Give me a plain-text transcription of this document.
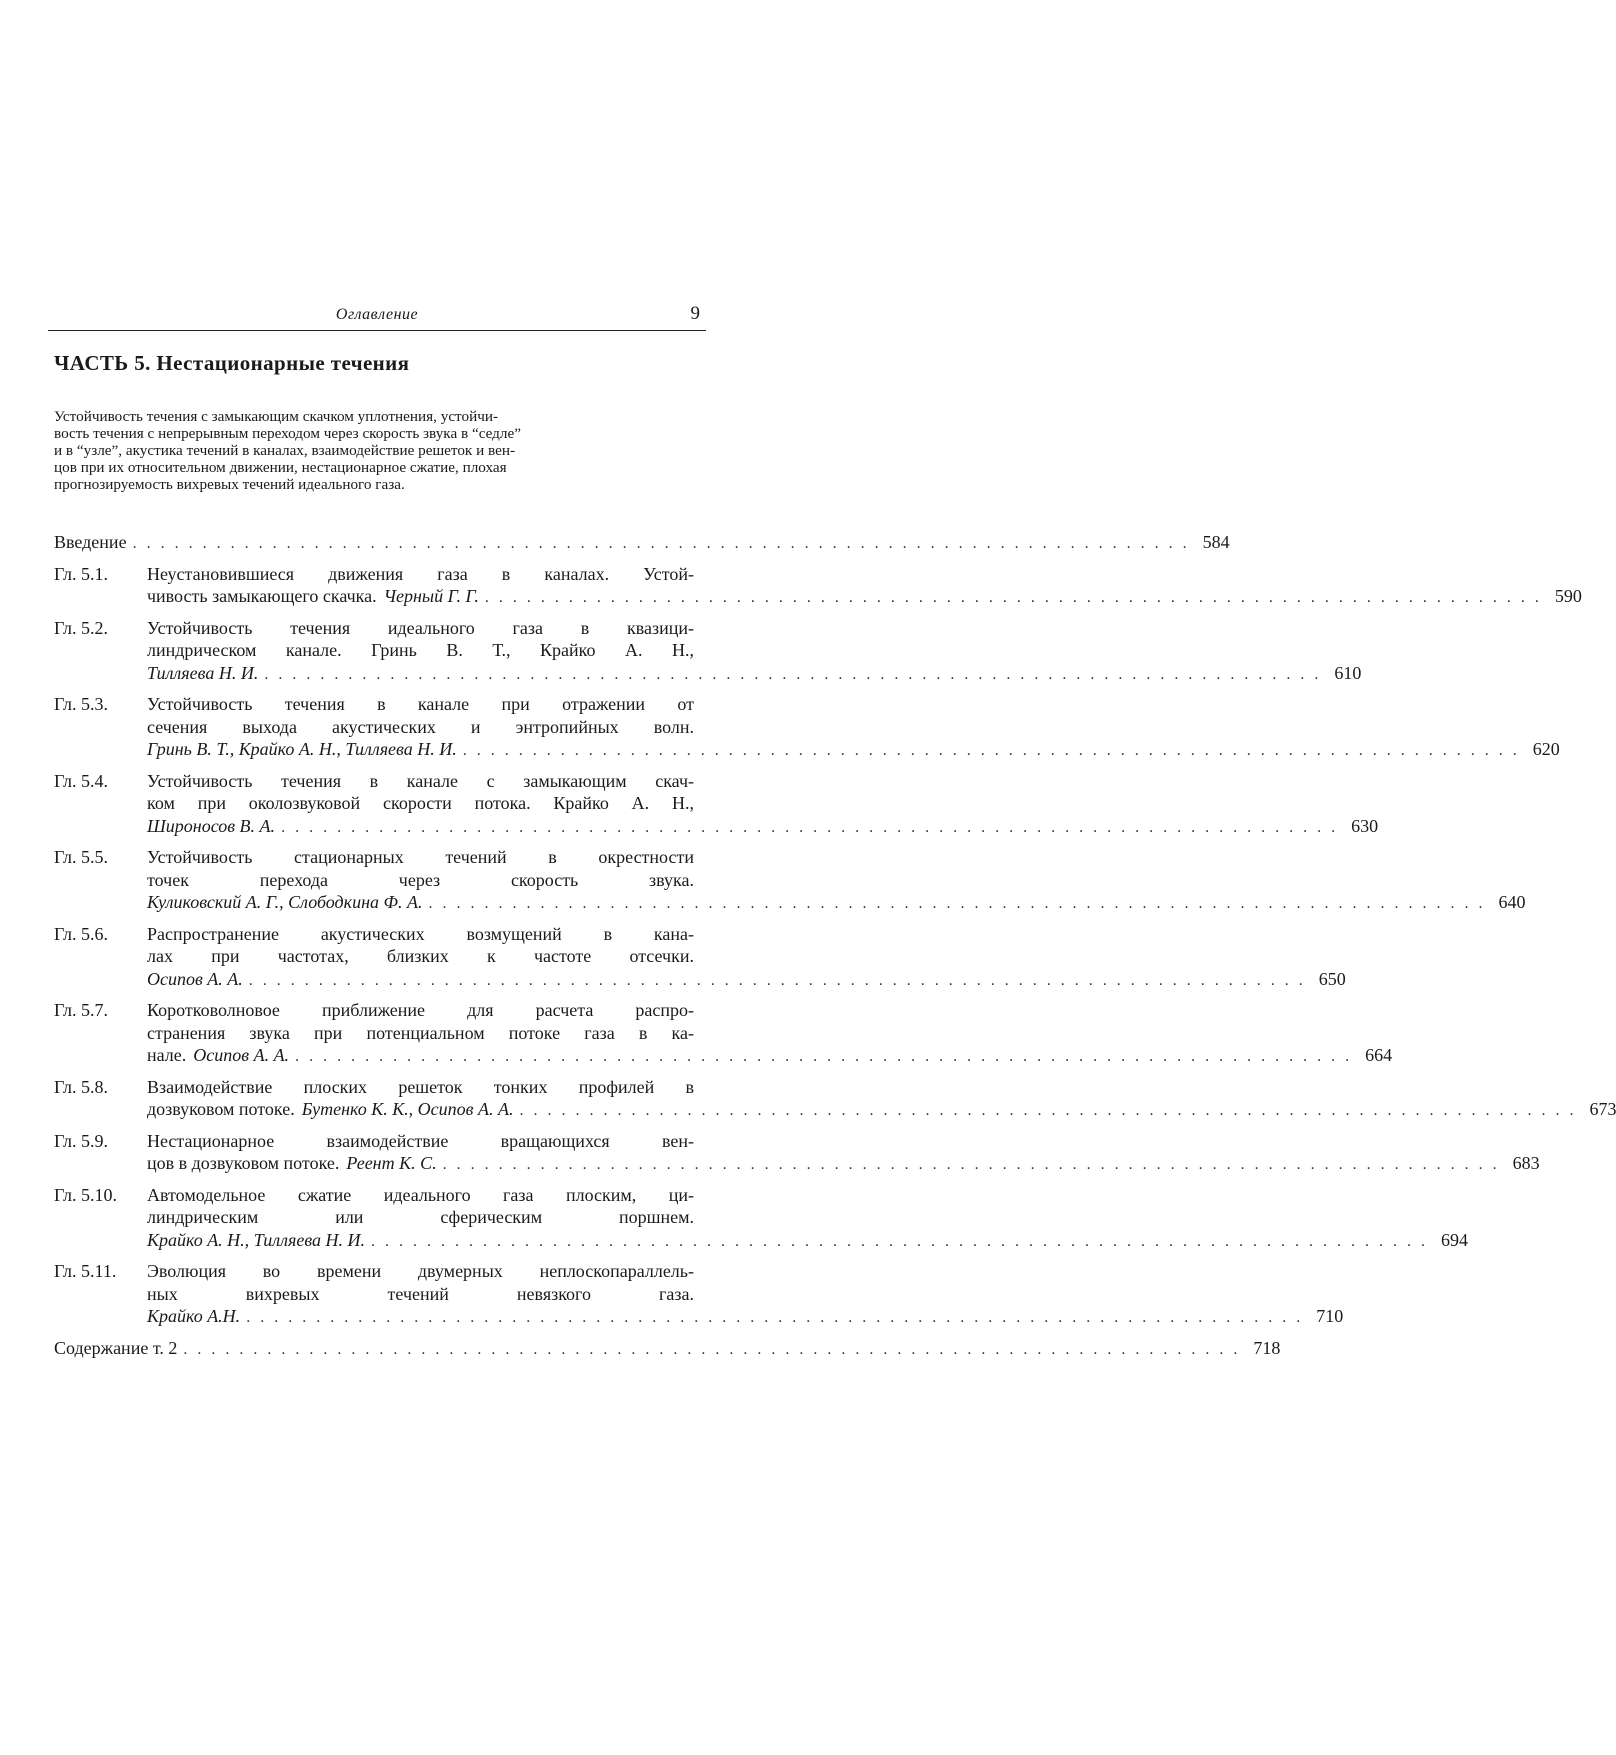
Оглавление	9
ЧАСТЬ 5. Нестационарные течения
Устойчивость течения с замыкающим скачком уплотнения, устойчи-
вость течения с непрерывным переходом через скорость звука в “седле”
и в “узле”, акустика течений в каналах, взаимодействие решеток и вен-
цов при их относительном движении, нестационарное сжатие, плохая
прогнозируемость вихревых течений идеального газа.
Введение . . . . . . . . . . . . . . . . . . . . . . . . . . . . . . . . . . . . . . . . . . . . . . . . . . . . . . . . . . . . . . . . . . . . . . . . . . . . 584
Гл. 5.1.	Неустановившиеся движения газа в каналах. Устой-
чивость замыкающего скачка. Черный Г. Г. . . . . . . . . . . . . . . . . . . . . . . . . . . . . . . . . . . . . . . . . . . . . . . . . . . . . . . . . . . . . . . . . . . . . . . . . . . . . 590
Гл. 5.2.	Устойчивость течения идеального газа в квазици-
линдрическом канале. Гринь В. Т., Крайко А. Н.,
Тилляева Н. И. . . . . . . . . . . . . . . . . . . . . . . . . . . . . . . . . . . . . . . . . . . . . . . . . . . . . . . . . . . . . . . . . . . . . . . . . . . . . 610
Гл. 5.3.	Устойчивость течения в канале при отражении от
сечения выхода акустических и энтропийных волн.
Гринь В. Т., Крайко А. Н., Тилляева Н. И. . . . . . . . . . . . . . . . . . . . . . . . . . . . . . . . . . . . . . . . . . . . . . . . . . . . . . . . . . . . . . . . . . . . . . . . . . . . . 620
Гл. 5.4.	Устойчивость течения в канале с замыкающим скач-
ком при околозвуковой скорости потока. Крайко А. Н.,
Широносов В. А. . . . . . . . . . . . . . . . . . . . . . . . . . . . . . . . . . . . . . . . . . . . . . . . . . . . . . . . . . . . . . . . . . . . . . . . . . . . . 630
Гл. 5.5.	Устойчивость стационарных течений в окрестности
точек перехода через скорость звука.
Куликовский А. Г., Слободкина Ф. А. . . . . . . . . . . . . . . . . . . . . . . . . . . . . . . . . . . . . . . . . . . . . . . . . . . . . . . . . . . . . . . . . . . . . . . . . . . . . 640
Гл. 5.6.	Распространение акустических возмущений в кана-
лах при частотах, близких к частоте отсечки.
Осипов А. А. . . . . . . . . . . . . . . . . . . . . . . . . . . . . . . . . . . . . . . . . . . . . . . . . . . . . . . . . . . . . . . . . . . . . . . . . . . . . 650
Гл. 5.7.	Коротковолновое приближение для расчета распро-
странения звука при потенциальном потоке газа в ка-
нале. Осипов А. А. . . . . . . . . . . . . . . . . . . . . . . . . . . . . . . . . . . . . . . . . . . . . . . . . . . . . . . . . . . . . . . . . . . . . . . . . . . . . 664
Гл. 5.8.	Взаимодействие плоских решеток тонких профилей в
дозвуковом потоке. Бутенко К. К., Осипов А. А. . . . . . . . . . . . . . . . . . . . . . . . . . . . . . . . . . . . . . . . . . . . . . . . . . . . . . . . . . . . . . . . . . . . . . . . . . . . . 673
Гл. 5.9.	Нестационарное взаимодействие вращающихся вен-
цов в дозвуковом потоке. Реент К. С. . . . . . . . . . . . . . . . . . . . . . . . . . . . . . . . . . . . . . . . . . . . . . . . . . . . . . . . . . . . . . . . . . . . . . . . . . . . . 683
Гл. 5.10.	Автомодельное сжатие идеального газа плоским, ци-
линдрическим или сферическим поршнем.
Крайко А. Н., Тилляева Н. И. . . . . . . . . . . . . . . . . . . . . . . . . . . . . . . . . . . . . . . . . . . . . . . . . . . . . . . . . . . . . . . . . . . . . . . . . . . . . 694
Гл. 5.11.	Эволюция во времени двумерных неплоскопараллель-
ных вихревых течений невязкого газа.
Крайко А.Н. . . . . . . . . . . . . . . . . . . . . . . . . . . . . . . . . . . . . . . . . . . . . . . . . . . . . . . . . . . . . . . . . . . . . . . . . . . . . 710
Содержание т. 2 . . . . . . . . . . . . . . . . . . . . . . . . . . . . . . . . . . . . . . . . . . . . . . . . . . . . . . . . . . . . . . . . . . . . . . . . . . . . 718
